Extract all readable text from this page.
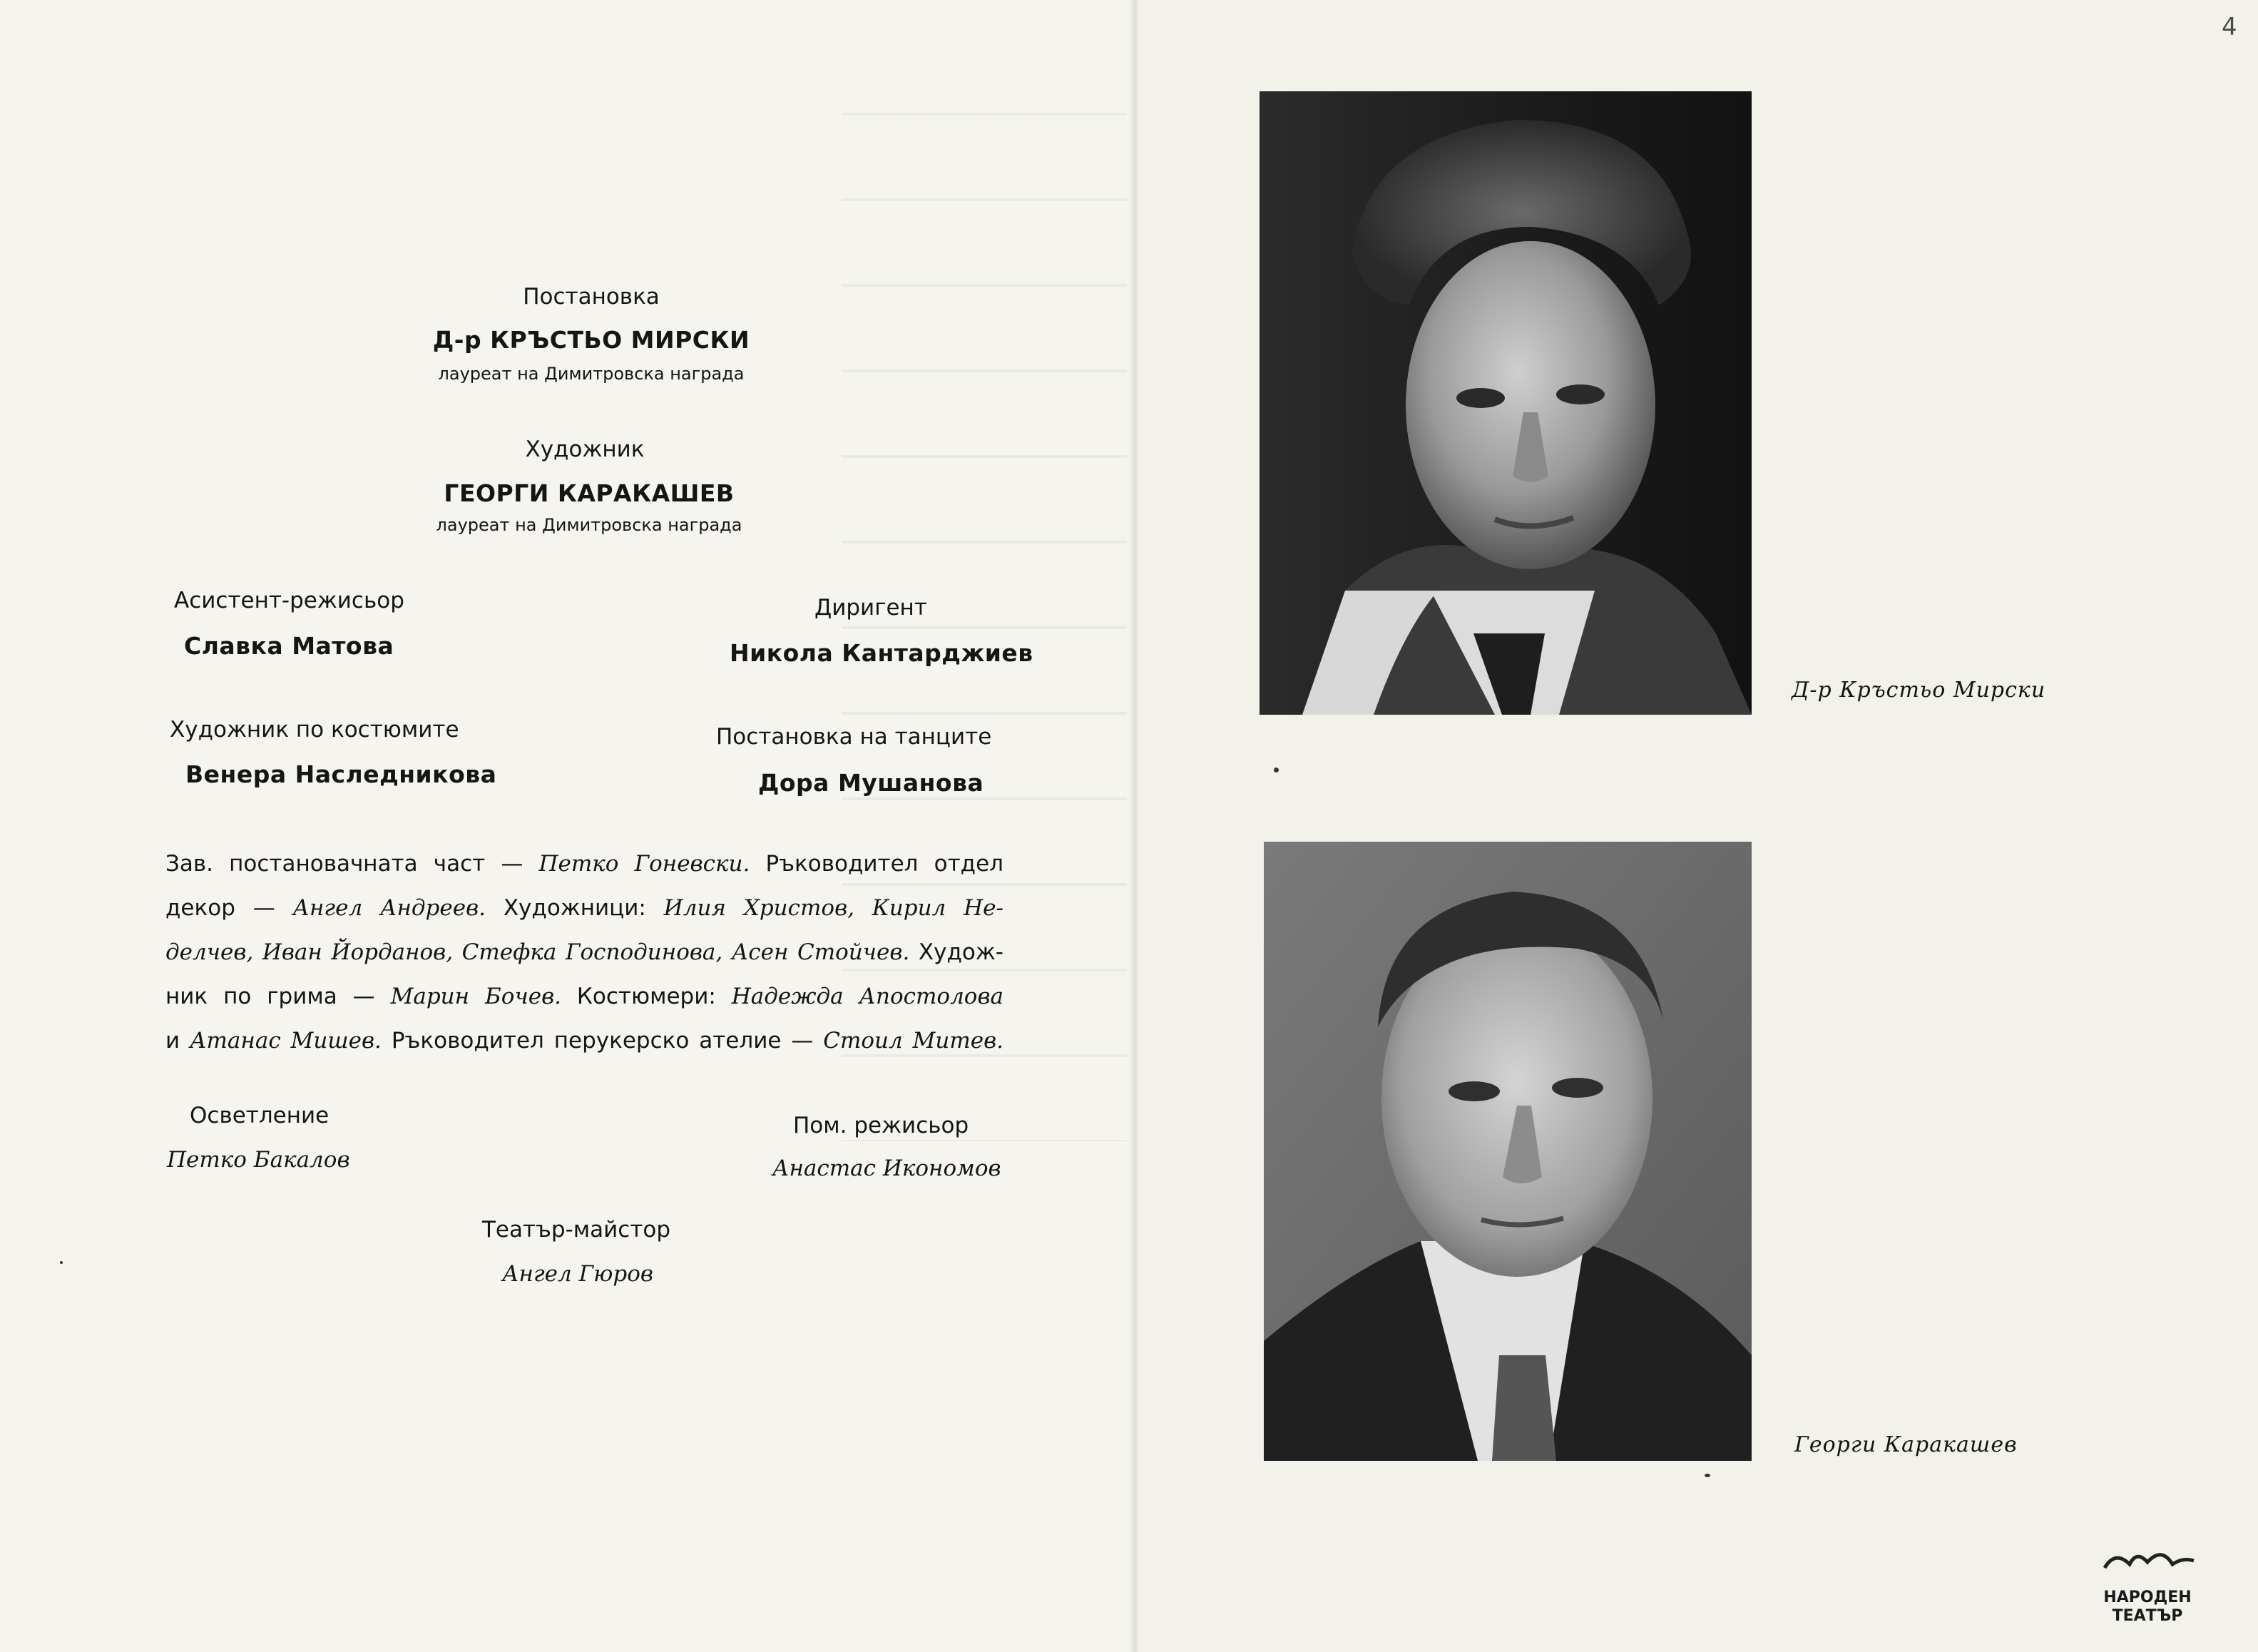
Постановка
Д-р КРЪСТЬО МИРСКИ
лауреат на Димитровска награда
Художник
ГЕОРГИ КАРАКАШЕВ
лауреат на Димитровска награда
Асистент-режисьор
Славка Матова
Диригент
Никола Кантарджиев
Художник по костюмите
Венера Наследникова
Постановка на танците
Дора Мушанова
Зав. постановачната част — Петко Гоневски. Ръководител отдел
декор — Ангел Андреев. Художници: Илия Христов, Кирил Не-
делчев, Иван Йорданов, Стефка Господинова, Асен Стойчев. Худож-
ник по грима — Марин Бочев. Костюмери: Надежда Апостолова
и Атанас Мишев. Ръководител перукерско ателие — Стоил Митев.
Осветление
Петко Бакалов
Пом. режисьор
Анастас Икономов
Театър-майстор
Ангел Гюров
Д-р Кръстьо Мирски
Георги Каракашев
4
НАРОДЕН
ТЕАТЪР
